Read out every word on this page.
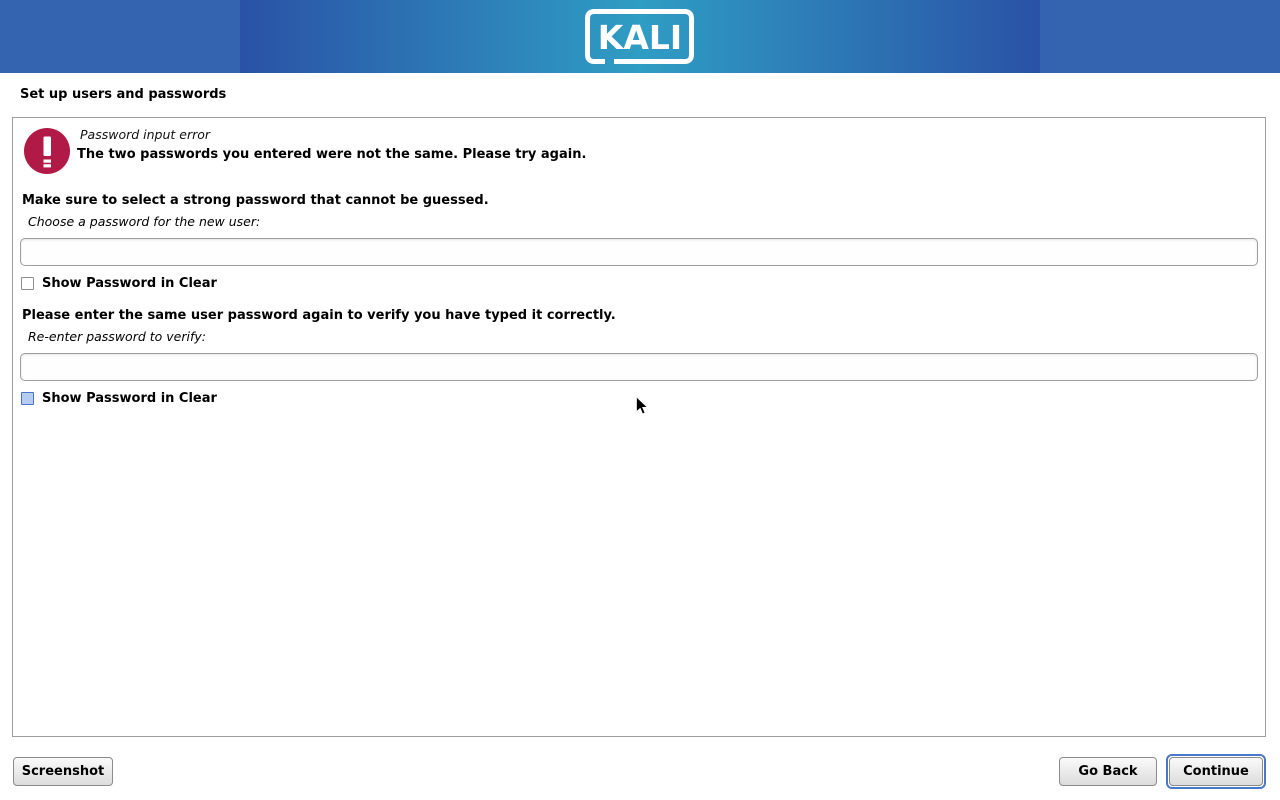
KALI
Set up users and passwords
Password input error
The two passwords you entered were not the same. Please try again.
Make sure to select a strong password that cannot be guessed.
Choose a password for the new user:
Show Password in Clear
Please enter the same user password again to verify you have typed it correctly.
Re-enter password to verify:
Show Password in Clear
Screenshot	Go Back	Continue
